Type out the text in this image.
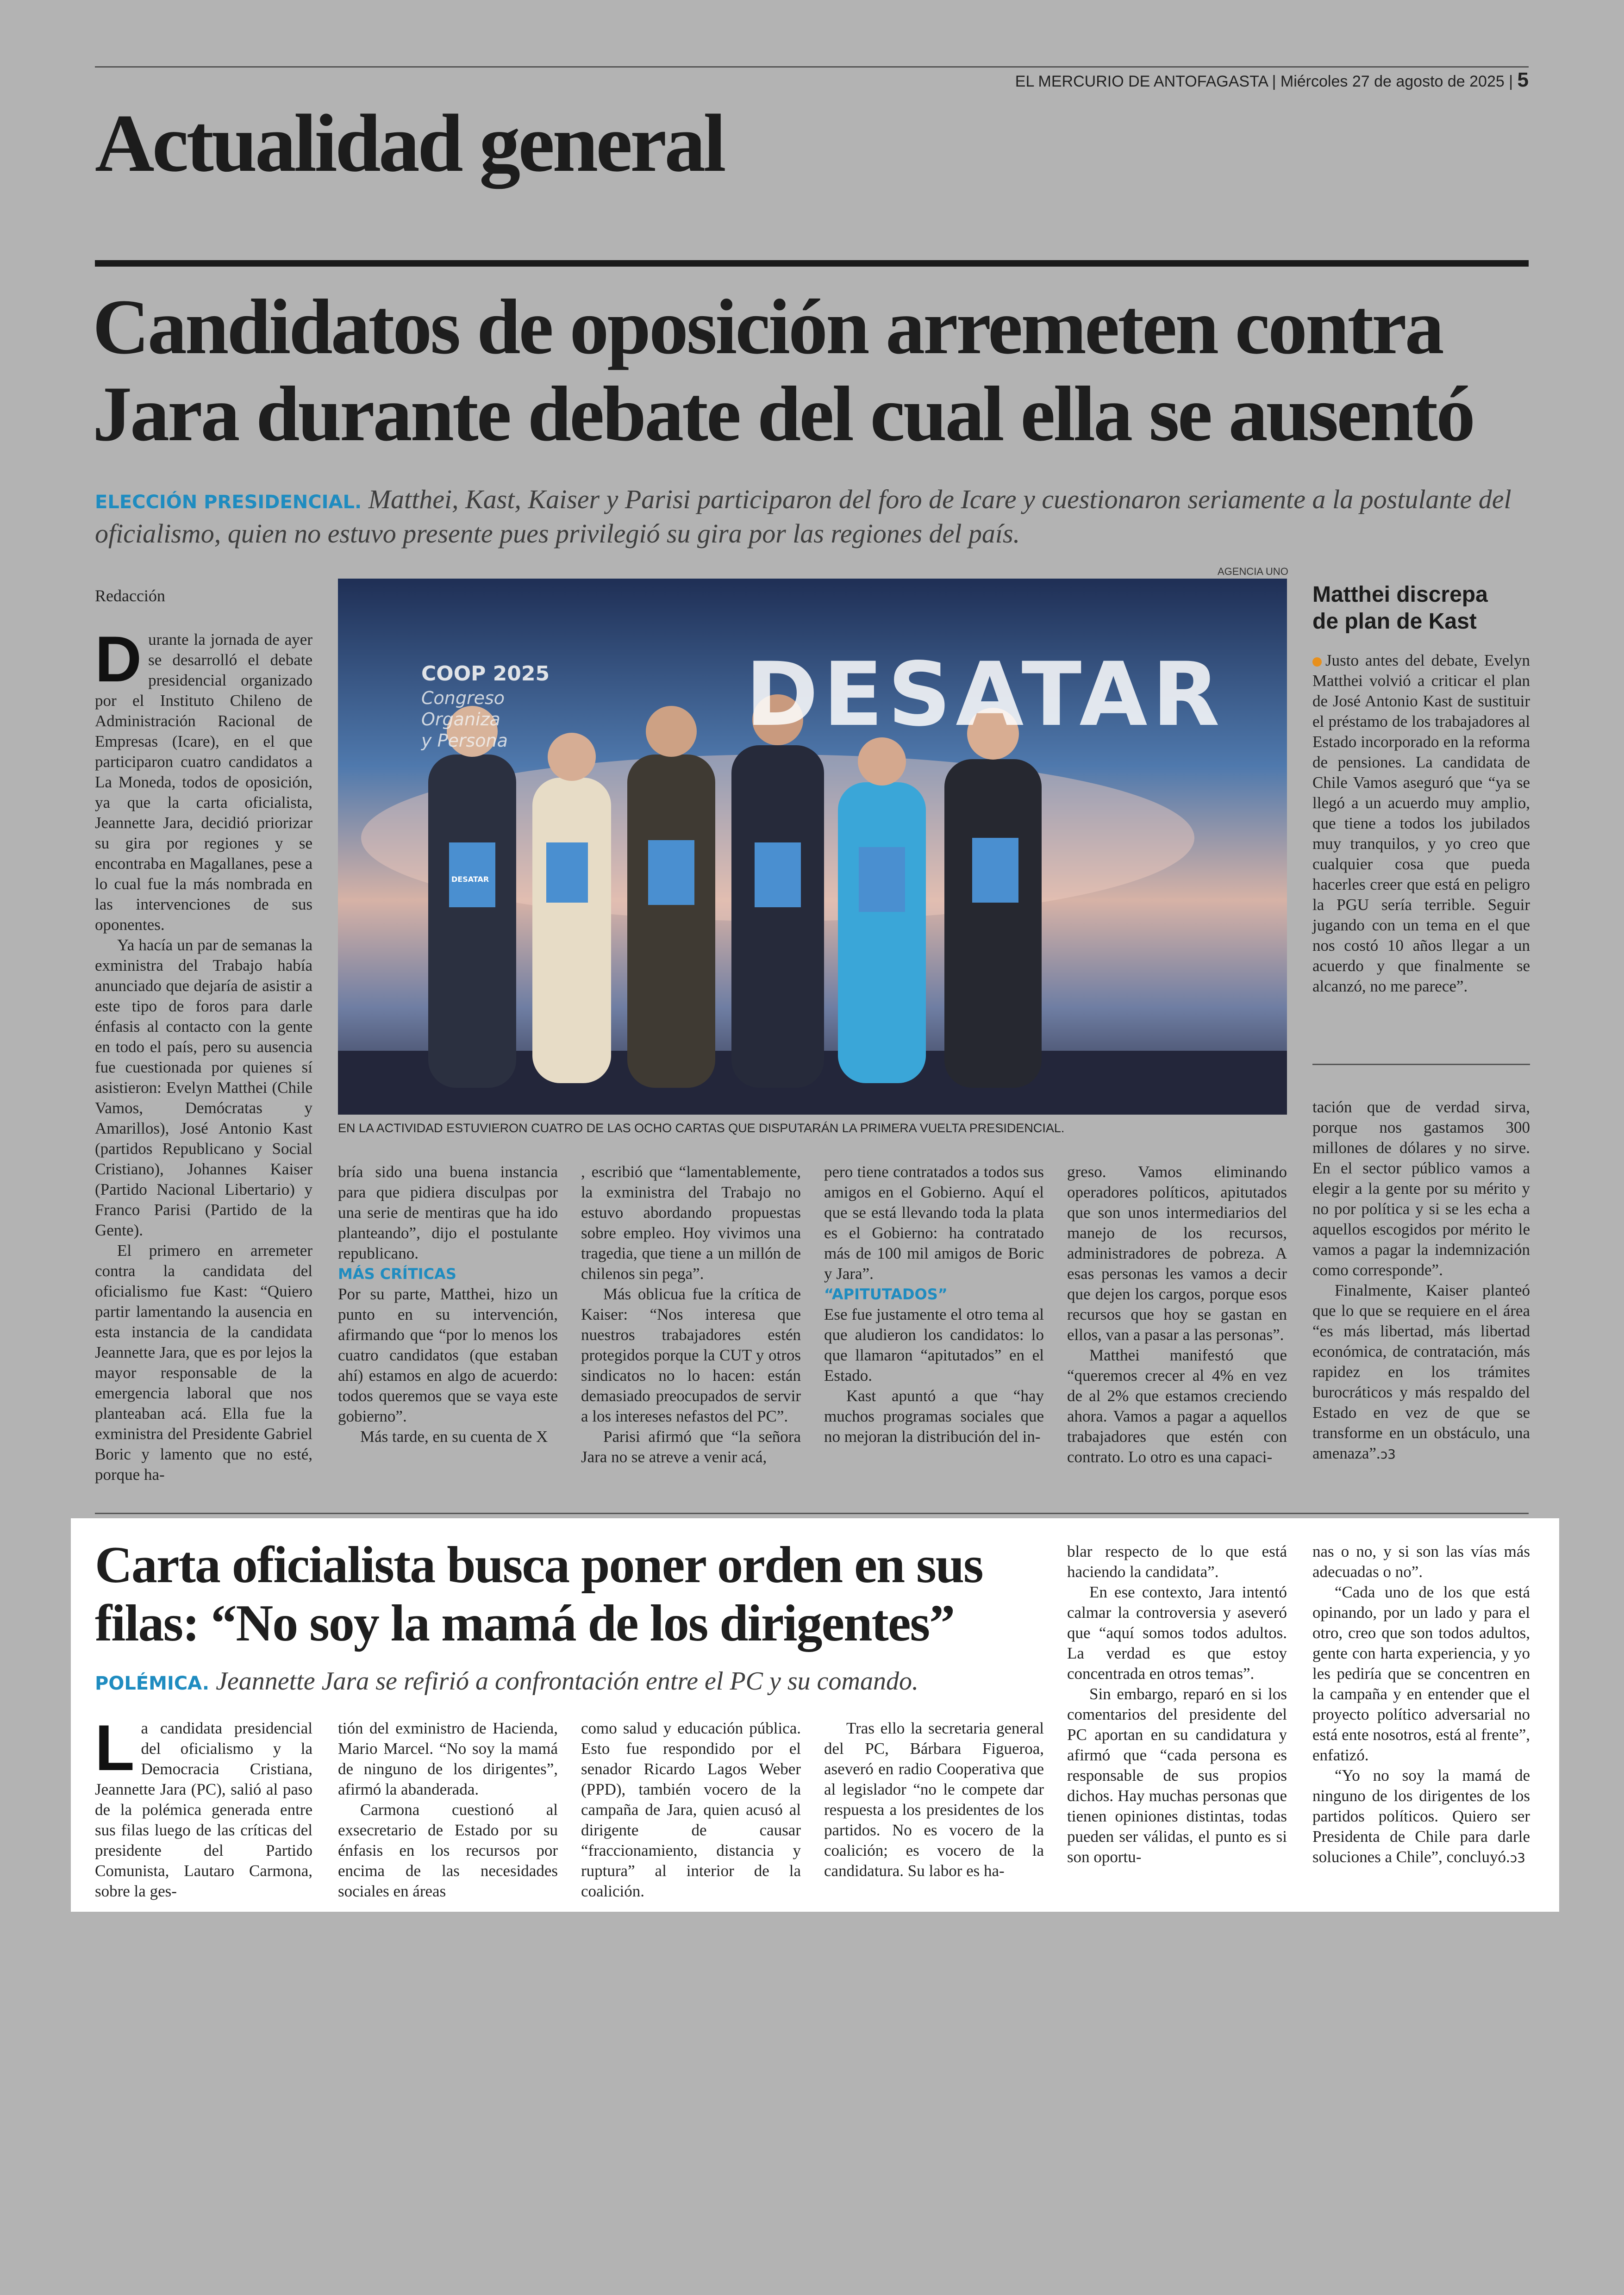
EL MERCURIO DE ANTOFAGASTA | Miércoles 27 de agosto de 2025 | 5
Actualidad general
Candidatos de oposición arremeten contra
Jara durante debate del cual ella se ausentó
ELECCIÓN PRESIDENCIAL. Matthei, Kast, Kaiser y Parisi participaron del foro de Icare y cuestionaron seriamente a la postulante del oficialismo, quien no estuvo presente pues privilegió su gira por las regiones del país.
AGENCIA UNO
Redacción
COOP 2025
Congreso
Organiza
y Persona	DESATAR
DESATAR
EN LA ACTIVIDAD ESTUVIERON CUATRO DE LAS OCHO CARTAS QUE DISPUTARÁN LA PRIMERA VUELTA PRESIDENCIAL.

Durante la jornada de ayer se desarrolló el debate presidencial organizado por el Instituto Chileno de Administración Racional de Empresas (Icare), en el que participaron cuatro candidatos a La Moneda, todos de oposición, ya que la carta oficialista, Jeannette Jara, decidió priorizar su gira por regiones y se encontraba en Magallanes, pese a lo cual fue la más nombrada en las intervenciones de sus oponentes.

Ya hacía un par de semanas la exministra del Trabajo había anunciado que dejaría de asistir a este tipo de foros para darle énfasis al contacto con la gente en todo el país, pero su ausencia fue cuestionada por quienes sí asistieron: Evelyn Matthei (Chile Vamos, Demócratas y Amarillos), José Antonio Kast (partidos Republicano y Social Cristiano), Johannes Kaiser (Partido Nacional Libertario) y Franco Parisi (Partido de la Gente).

El primero en arremeter contra la candidata del oficialismo fue Kast: “Quiero partir lamentando la ausencia en esta instancia de la candidata Jeannette Jara, que es por lejos la mayor responsable de la emergencia laboral que nos planteaban acá. Ella fue la exministra del Presidente Gabriel Boric y lamento que no esté, porque ha-

bría sido una buena instancia para que pidiera disculpas por una serie de mentiras que ha ido planteando”, dijo el postulante republicano.

MÁS CRÍTICAS

Por su parte, Matthei, hizo un punto en su intervención, afirmando que “por lo menos los cuatro candidatos (que estaban ahí) estamos en algo de acuerdo: todos queremos que se vaya este gobierno”.

Más tarde, en su cuenta de X

, escribió que “lamentablemente, la exministra del Trabajo no estuvo abordando propuestas sobre empleo. Hoy vivimos una tragedia, que tiene a un millón de chilenos sin pega”.

Más oblicua fue la crítica de Kaiser: “Nos interesa que nuestros trabajadores estén protegidos porque la CUT y otros sindicatos no lo hacen: están demasiado preocupados de servir a los intereses nefastos del PC”.

Parisi afirmó que “la señora Jara no se atreve a venir acá,

pero tiene contratados a todos sus amigos en el Gobierno. Aquí el que se está llevando toda la plata es el Gobierno: ha contratado más de 100 mil amigos de Boric y Jara”.

“APITUTADOS”

Ese fue justamente el otro tema al que aludieron los candidatos: lo que llamaron “apitutados” en el Estado.

Kast apuntó a que “hay muchos programas sociales que no mejoran la distribución del in-

greso. Vamos eliminando operadores políticos, apitutados que son unos intermediarios del manejo de los recursos, administradores de pobreza. A esas personas les vamos a decir que dejen los cargos, porque esos recursos que hoy se gastan en ellos, van a pasar a las personas”.

Matthei manifestó que “queremos crecer al 4% en vez de al 2% que estamos creciendo ahora. Vamos a pagar a aquellos trabajadores que estén con contrato. Lo otro es una capaci-

Matthei discrepa de plan de Kast

Justo antes del debate, Evelyn Matthei volvió a criticar el plan de José Antonio Kast de sustituir el préstamo de los trabajadores al Estado incorporado en la reforma de pensiones. La candidata de Chile Vamos aseguró que “ya se llegó a un acuerdo muy amplio, que tiene a todos los jubilados muy tranquilos, y yo creo que cualquier cosa que pueda hacerles creer que está en peligro la PGU sería terrible. Seguir jugando con un tema en el que nos costó 10 años llegar a un acuerdo y que finalmente se alcanzó, no me parece”.

tación que de verdad sirva, porque nos gastamos 300 millones de dólares y no sirve. En el sector público vamos a elegir a la gente por su mérito y no por política y si se les echa a aquellos escogidos por mérito le vamos a pagar la indemnización como corresponde”.

Finalmente, Kaiser planteó que lo que se requiere en el área “es más libertad, más libertad económica, de contratación, más rapidez en los trámites burocráticos y más respaldo del Estado en vez de que se transforme en un obstáculo, una amenaza”.ↄ3

Carta oficialista busca poner orden en sus
filas: “No soy la mamá de los dirigentes”
POLÉMICA. Jeannette Jara se refirió a confrontación entre el PC y su comando.

La candidata presidencial del oficialismo y la Democracia Cristiana, Jeannette Jara (PC), salió al paso de la polémica generada entre sus filas luego de las críticas del presidente del Partido Comunista, Lautaro Carmona, sobre la ges-

tión del exministro de Hacienda, Mario Marcel. “No soy la mamá de ninguno de los dirigentes”, afirmó la abanderada.

Carmona cuestionó al exsecretario de Estado por su énfasis en los recursos por encima de las necesidades sociales en áreas

como salud y educación pública. Esto fue respondido por el senador Ricardo Lagos Weber (PPD), también vocero de la campaña de Jara, quien acusó al dirigente de causar “fraccionamiento, distancia y ruptura” al interior de la coalición.

Tras ello la secretaria general del PC, Bárbara Figueroa, aseveró en radio Cooperativa que al legislador “no le compete dar respuesta a los presidentes de los partidos. No es vocero de la coalición; es vocero de la candidatura. Su labor es ha-

blar respecto de lo que está haciendo la candidata”.

En ese contexto, Jara intentó calmar la controversia y aseveró que “aquí somos todos adultos. La verdad es que estoy concentrada en otros temas”.

Sin embargo, reparó en si los comentarios del presidente del PC aportan en su candidatura y afirmó que “cada persona es responsable de sus propios dichos. Hay muchas personas que tienen opiniones distintas, todas pueden ser válidas, el punto es si son oportu-

nas o no, y si son las vías más adecuadas o no”.

“Cada uno de los que está opinando, por un lado y para el otro, creo que son todos adultos, gente con harta experiencia, y yo les pediría que se concentren en la campaña y en entender que el proyecto político adversarial no está ente nosotros, está al frente”, enfatizó.

“Yo no soy la mamá de ninguno de los dirigentes de los partidos políticos. Quiero ser Presidenta de Chile para darle soluciones a Chile”, concluyó.ↄ3
